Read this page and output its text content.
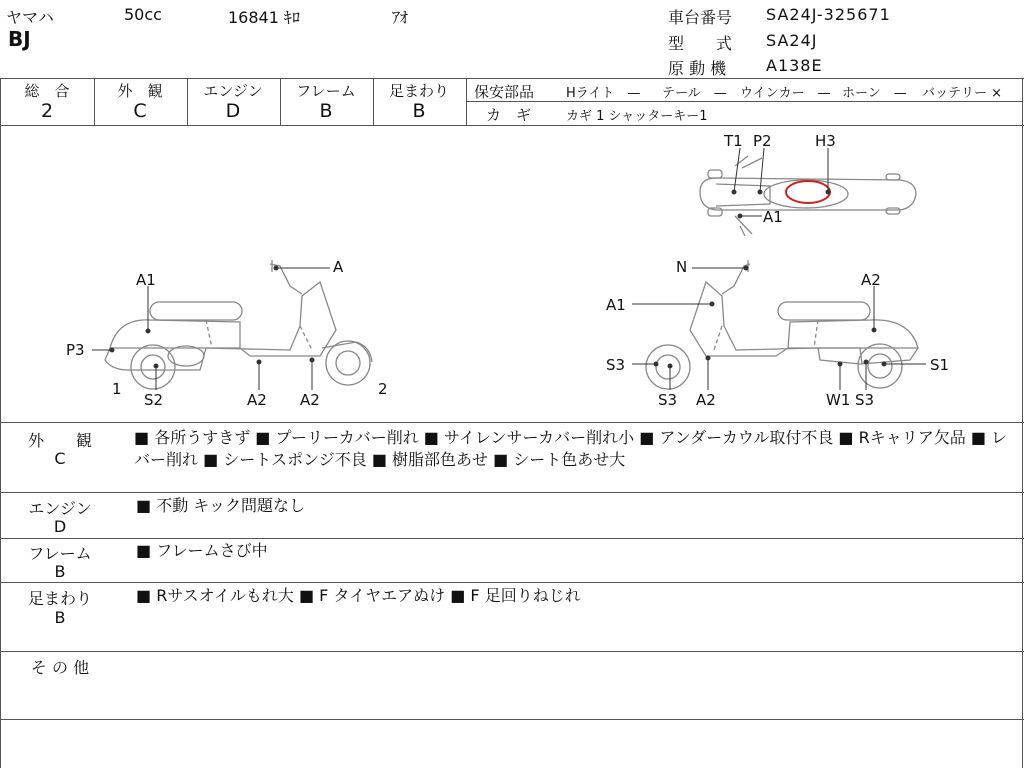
ヤマハ	50cc	16841 ｷﾛ	ｱｵ
BJ
車台番号 SA24J-325671
型　　式 SA24J
原 動 機 A138E
総　合
2
外　観
C
エンジン
D
フレーム
B
足まわり
B
保安部品 Hライト　— テール　— ウインカー　— ホーン　— バッテリー ×
カ　ギ	カギ 1 シャッターキー1
T1 P2	H3
A1
A
A1
P3
1
S2	A2 A2
2
N
A2
A1
S3
S3 A2	W1 S3
S1
外　　観
C
■ 各所うすきず ■ プーリーカバー削れ ■ サイレンサーカバー削れ小 ■ アンダーカウル取付不良 ■ Rキャリア欠品 ■ レバー削れ ■ シートスポンジ不良 ■ 樹脂部色あせ ■ シート色あせ大
エンジン
D
■ 不動 キック問題なし
フレーム
B
■ フレームさび中
足まわり
B
■ Rサスオイルもれ大 ■ F タイヤエアぬけ ■ F 足回りねじれ
そ の 他
